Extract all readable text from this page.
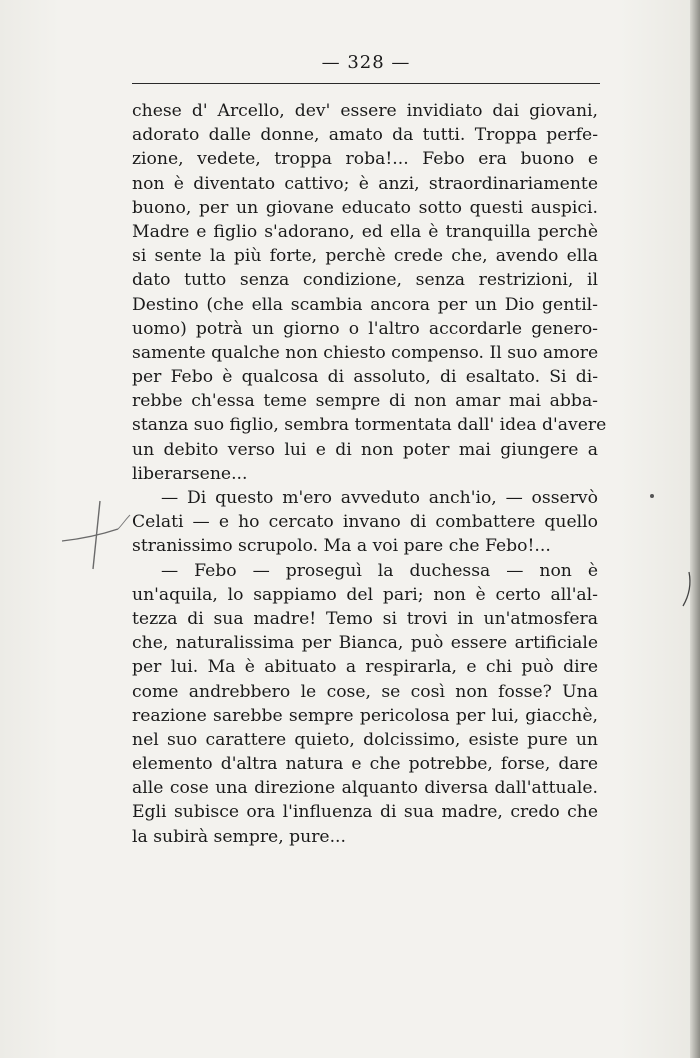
— 328 —
chese d' Arcello, dev' essere invidiato dai giovani,
adorato dalle donne, amato da tutti. Troppa perfe-
zione, vedete, troppa roba!... Febo era buono e
non è diventato cattivo; è anzi, straordinariamente
buono, per un giovane educato sotto questi auspici.
Madre e figlio s'adorano, ed ella è tranquilla perchè
si sente la più forte, perchè crede che, avendo ella
dato tutto senza condizione, senza restrizioni, il
Destino (che ella scambia ancora per un Dio gentil-
uomo) potrà un giorno o l'altro accordarle genero-
samente qualche non chiesto compenso. Il suo amore
per Febo è qualcosa di assoluto, di esaltato. Si di-
rebbe ch'essa teme sempre di non amar mai abba-
stanza suo figlio, sembra tormentata dall' idea d'avere
un debito verso lui e di non poter mai giungere a
liberarsene...
— Di questo m'ero avveduto anch'io, — osservò
Celati — e ho cercato invano di combattere quello
stranissimo scrupolo. Ma a voi pare che Febo!...
— Febo — proseguì la duchessa — non è
un'aquila, lo sappiamo del pari; non è certo all'al-
tezza di sua madre! Temo si trovi in un'atmosfera
che, naturalissima per Bianca, può essere artificiale
per lui. Ma è abituato a respirarla, e chi può dire
come andrebbero le cose, se così non fosse? Una
reazione sarebbe sempre pericolosa per lui, giacchè,
nel suo carattere quieto, dolcissimo, esiste pure un
elemento d'altra natura e che potrebbe, forse, dare
alle cose una direzione alquanto diversa dall'attuale.
Egli subisce ora l'influenza di sua madre, credo che
la subirà sempre, pure...
